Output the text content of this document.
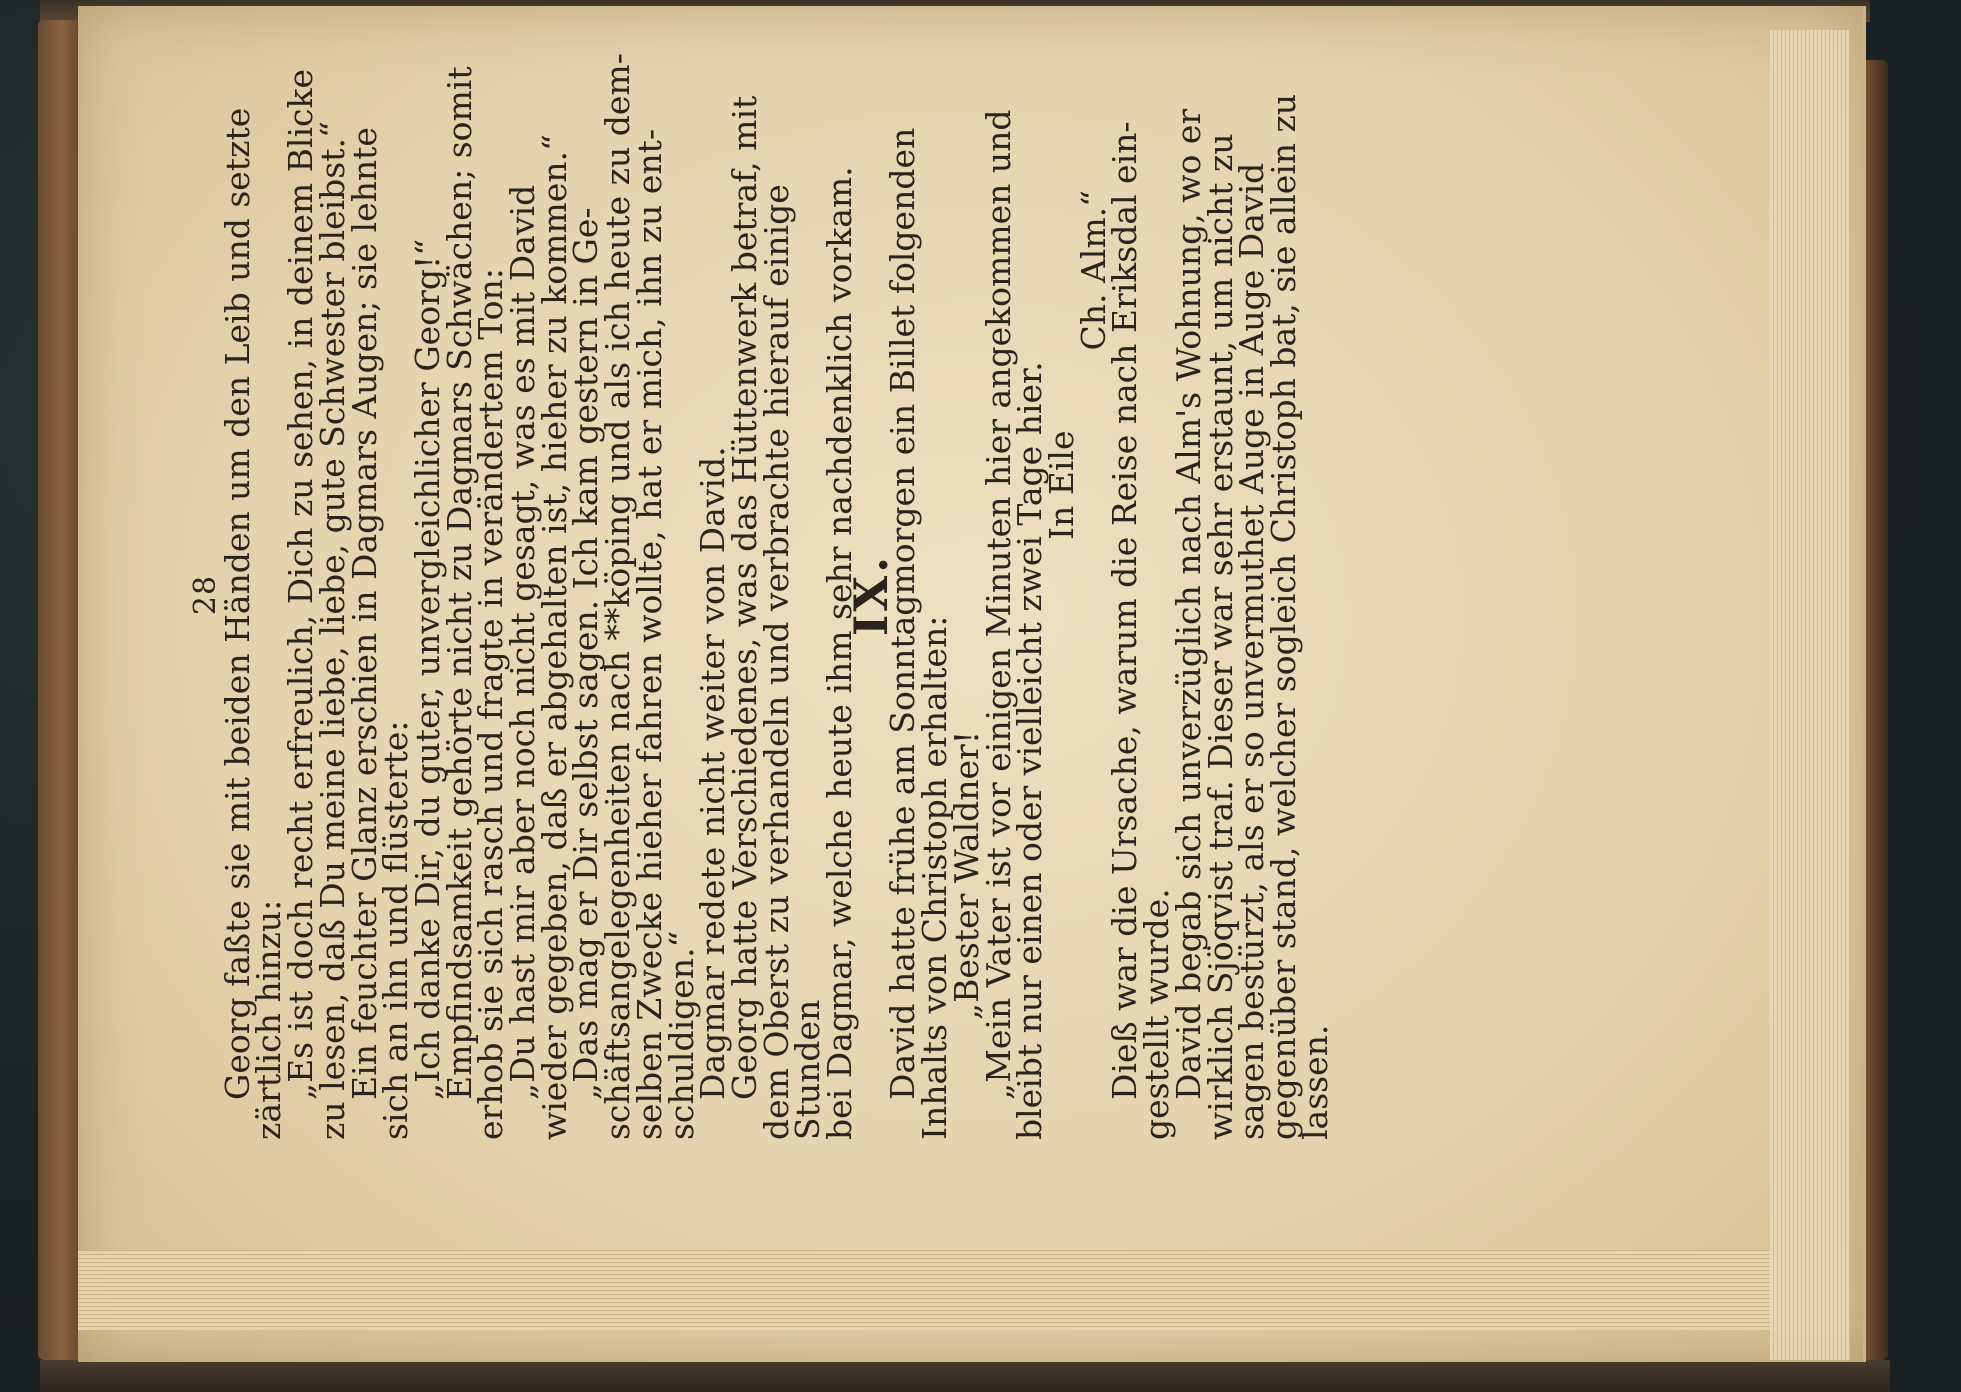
28

Georg faßte sie mit beiden Händen um den Leib und setzte

zärtlich hinzu:

„Es ist doch recht erfreulich, Dich zu sehen, in deinem Blicke

zu lesen, daß Du meine liebe, liebe, gute Schwester bleibst.“

Ein feuchter Glanz erschien in Dagmars Augen; sie lehnte

sich an ihn und flüsterte:

„Ich danke Dir, du guter, unvergleichlicher Georg!“

Empfindsamkeit gehörte nicht zu Dagmars Schwächen; somit

erhob sie sich rasch und fragte in verändertem Ton:

„Du hast mir aber noch nicht gesagt, was es mit David

wieder gegeben, daß er abgehalten ist, hieher zu kommen.“

„Das mag er Dir selbst sagen. Ich kam gestern in Ge-

schäftsangelegenheiten nach **köping und als ich heute zu dem-

selben Zwecke hieher fahren wollte, hat er mich, ihn zu ent-

schuldigen.“

Dagmar redete nicht weiter von David.

Georg hatte Verschiedenes, was das Hüttenwerk betraf, mit

dem Oberst zu verhandeln und verbrachte hierauf einige Stunden

bei Dagmar, welche heute ihm sehr nachdenklich vorkam.

IX.

David hatte frühe am Sonntagmorgen ein Billet folgenden

Inhalts von Christoph erhalten:

„Bester Waldner!

„Mein Vater ist vor einigen Minuten hier angekommen und

bleibt nur einen oder vielleicht zwei Tage hier.

In Eile

Ch. Alm.“

Dieß war die Ursache, warum die Reise nach Eriksdal ein-

gestellt wurde.

David begab sich unverzüglich nach Alm's Wohnung, wo er

wirklich Sjöqvist traf. Dieser war sehr erstaunt, um nicht zu

sagen bestürzt, als er so unvermuthet Auge in Auge David

gegenüber stand, welcher sogleich Christoph bat, sie allein zu

lassen.
